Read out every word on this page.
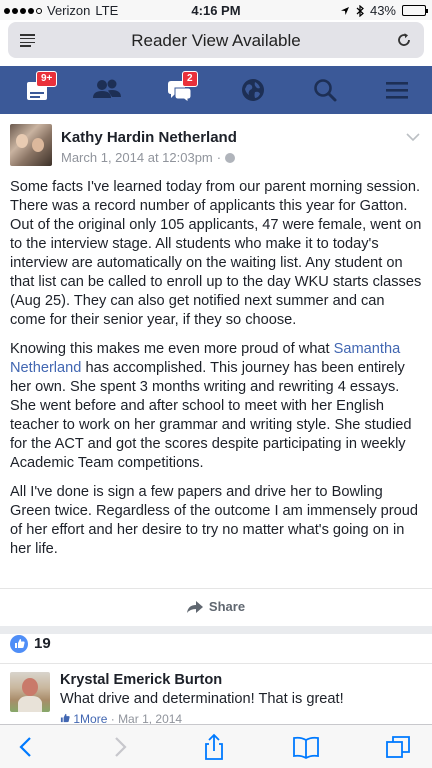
Verizon LTE	4:16 PM	43%
Reader View Available
9+	2
Kathy Hardin Netherland
March 1, 2014 at 12:03pm ·

Some facts I've learned today from our parent morning session. There was a record number of applicants this year for Gatton. Out of the original only 105 applicants, 47 were female, went on to the interview stage. All students who make it to today's interview are automatically on the waiting list. Any student on that list can be called to enroll up to the day WKU starts classes (Aug 25). They can also get notified next summer and can come for their senior year, if they so choose.

Knowing this makes me even more proud of what Samantha Netherland has accomplished. This journey has been entirely her own. She spent 3 months writing and rewriting 4 essays. She went before and after school to meet with her English teacher to work on her grammar and writing style. She studied for the ACT and got the scores despite participating in weekly Academic Team competitions.

All I've done is sign a few papers and drive her to Bowling Green twice. Regardless of the outcome I am immensely proud of her effort and her desire to try no matter what's going on in her life.

Share
19
Krystal Emerick Burton
What drive and determination! That is great!
1More · Mar 1, 2014
